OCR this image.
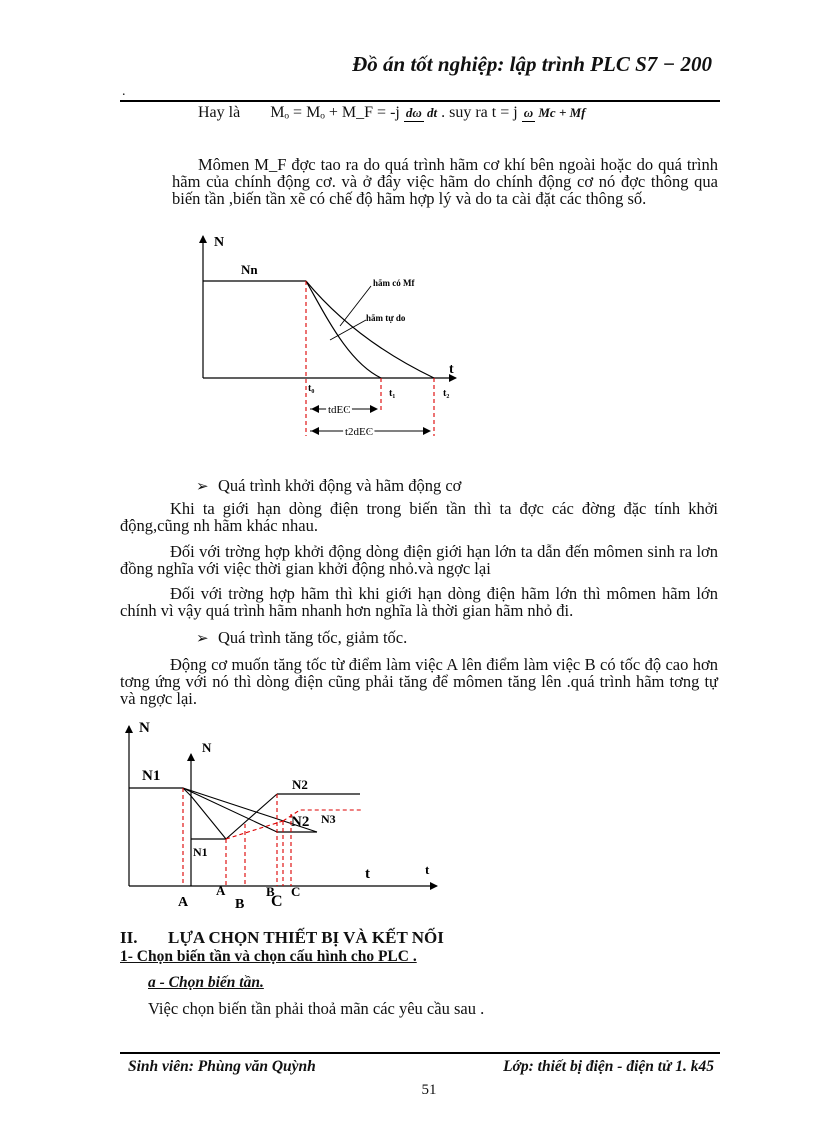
Đồ án tốt nghiệp: lập trình PLC S7 − 200
.
Hay là Mₒ = Mₒ + M_F = -j dω dt . suy ra t = j ω Mc + Mf
Mômen M_F đợc tao ra do quá trình hãm cơ khí bên ngoài hoặc do quá trình hãm của chính động cơ. và ở đây việc hãm do chính động cơ nó đợc thông qua biến tần ,biến tần xẽ có chế độ hãm hợp lý và do ta cài đặt các thông số.
N
t
Nn
hãm có Mf
hãm tự do
t₀	t₁	t₂
tdEC
t2dEC
➢ Quá trình khởi động và hãm động cơ
Khi ta giới hạn dòng điện trong biến tần thì ta đợc các đờng đặc tính khởi động,cũng nh hãm khác nhau.
Đối với trờng hợp khởi động dòng điện giới hạn lớn ta dẫn đến mômen sinh ra lơn đồng nghĩa với việc thời gian khởi động nhỏ.và ngợc lại
Đối với trờng hợp hãm thì khi giới hạn dòng điện hãm lớn thì mômen hãm lớn chính vì vậy quá trình hãm nhanh hơn nghĩa là thời gian hãm nhỏ đi.
➢ Quá trình tăng tốc, giảm tốc.
Động cơ muốn tăng tốc từ điểm làm việc A lên điểm làm việc B có tốc độ cao hơn tơng ứng với nó thì dòng điện cũng phải tăng để mômen tăng lên .quá trình hãm tơng tự và ngợc lại.
N
t
N
t
N1
N1
N2
N2 N3
A
A
B
B
C
C
II. LỰA CHỌN THIẾT BỊ VÀ KẾT NỐI
1- Chọn biến tần và chọn cấu hình cho PLC .
a - Chọn biến tần.
Việc chọn biến tần phải thoả mãn các yêu cầu sau .
Sinh viên: Phùng văn Quỳnh	Lớp: thiết bị điện - điện tử 1. k45
51
